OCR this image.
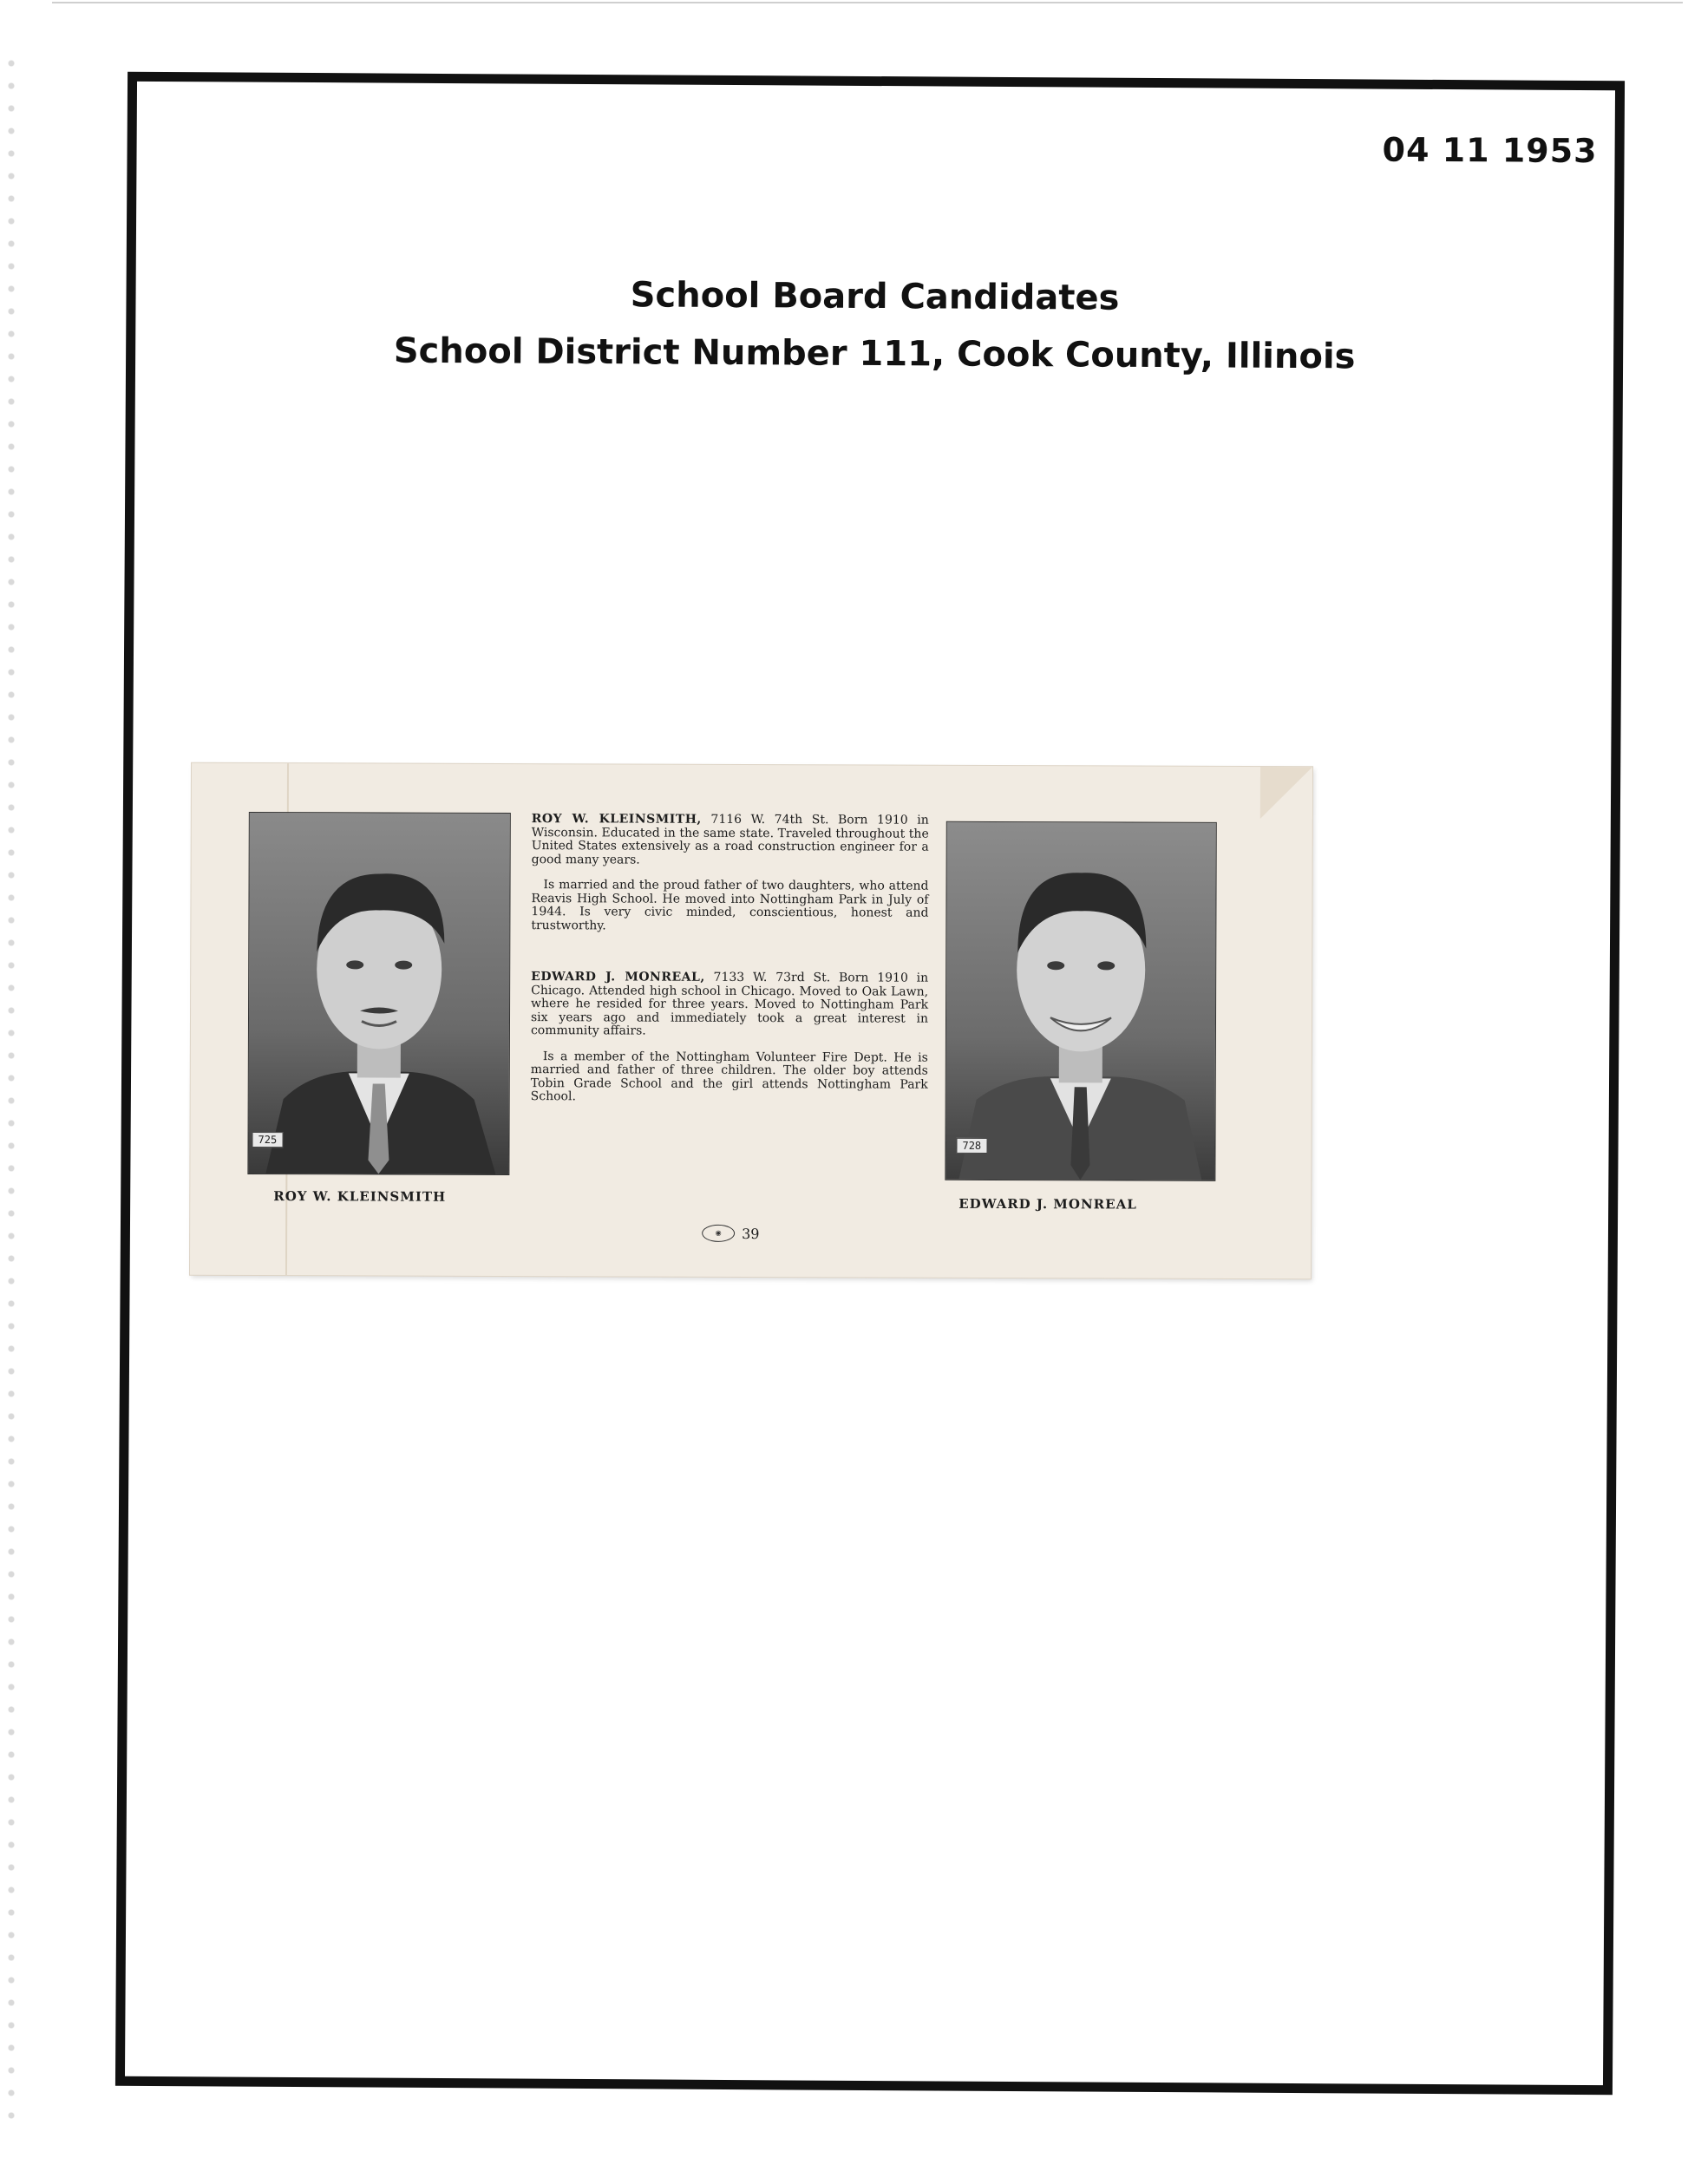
04 11 1953
School Board Candidates
School District Number 111, Cook County, Illinois
725
ROY W. KLEINSMITH

ROY W. KLEINSMITH, 7116 W. 74th St. Born 1910 in Wisconsin. Educated in the same state. Traveled throughout the United States extensively as a road construction engineer for a good many years.

Is married and the proud father of two daughters, who attend Reavis High School. He moved into Nottingham Park in July of 1944. Is very civic minded, conscientious, honest and trustworthy.

EDWARD J. MONREAL, 7133 W. 73rd St. Born 1910 in Chicago. Attended high school in Chicago. Moved to Oak Lawn, where he resided for three years. Moved to Nottingham Park six years ago and immediately took a great interest in community affairs.

Is a member of the Nottingham Volunteer Fire Dept. He is married and father of three children. The older boy attends Tobin Grade School and the girl attends Nottingham Park School.

728
EDWARD J. MONREAL
◉	39
